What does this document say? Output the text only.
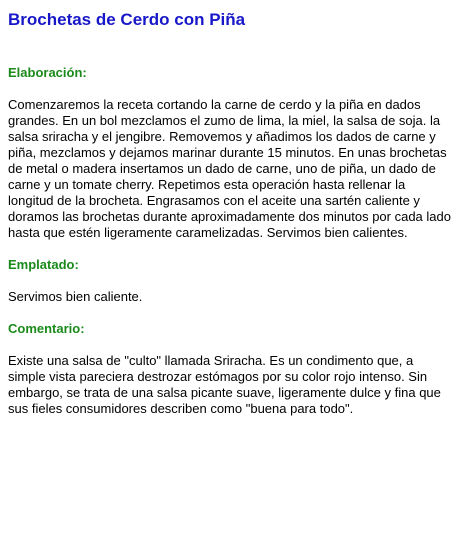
Brochetas de Cerdo con Piña
Elaboración:

Comenzaremos la receta cortando la carne de cerdo y la piña en dados grandes. En un bol mezclamos el zumo de lima, la miel, la salsa de soja. la salsa sriracha y el jengibre. Removemos y añadimos los dados de carne y piña, mezclamos y dejamos marinar durante 15 minutos. En unas brochetas de metal o madera insertamos un dado de carne, uno de piña, un dado de carne y un tomate cherry. Repetimos esta operación hasta rellenar la longitud de la brocheta. Engrasamos con el aceite una sartén caliente y doramos las brochetas durante aproximadamente dos minutos por cada lado hasta que estén ligeramente caramelizadas. Servimos bien calientes.

Emplatado:

Servimos bien caliente.

Comentario:

Existe una salsa de "culto" llamada Sriracha. Es un condimento que, a simple vista pareciera destrozar estómagos por su color rojo intenso. Sin embargo, se trata de una salsa picante suave, ligeramente dulce y fina que sus fieles consumidores describen como "buena para todo".
